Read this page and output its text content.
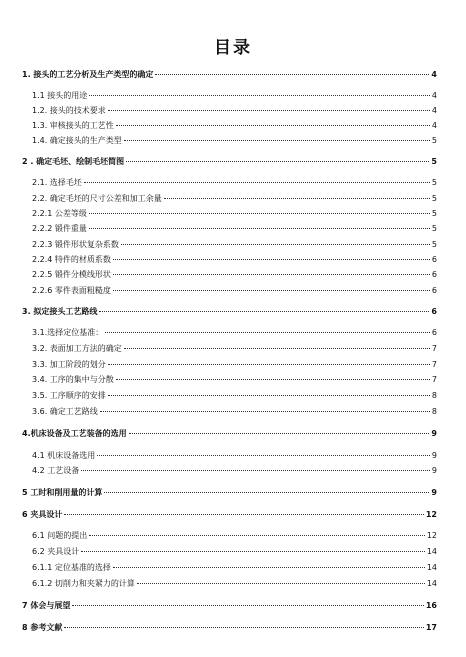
目录
1. 接头的工艺分析及生产类型的确定	4
1.1 接头的用途	4
1.2. 接头的技术要求	4
1.3. 审核接头的工艺性	4
1.4. 确定接头的生产类型	5
2 . 确定毛坯、绘制毛坯简图	5
2.1. 选择毛坯	5
2.2. 确定毛坯的尺寸公差和加工余量	5
2.2.1 公差等级	5
2.2.2 锻件重量	5
2.2.3 锻件形状复杂系数	5
2.2.4 特件的材质系数	6
2.2.5 锻件分模线形状	6
2.2.6 零件表面粗糙度	6
3. 拟定接头工艺路线	6
3.1.选择定位基准：	6
3.2. 表面加工方法的确定	7
3.3. 加工阶段的划分	7
3.4. 工序的集中与分散	7
3.5. 工序顺序的安排	8
3.6. 确定工艺路线	8
4.机床设备及工艺装备的选用	9
4.1 机床设备选用	9
4.2 工艺设备	9
5 工时和削用量的计算	9
6 夹具设计	12
6.1 问题的提出	12
6.2 夹具设计	14
6.1.1 定位基准的选择	14
6.1.2 切削力和夹紧力的计算	14
7 体会与展望	16
8 参考文献	17
